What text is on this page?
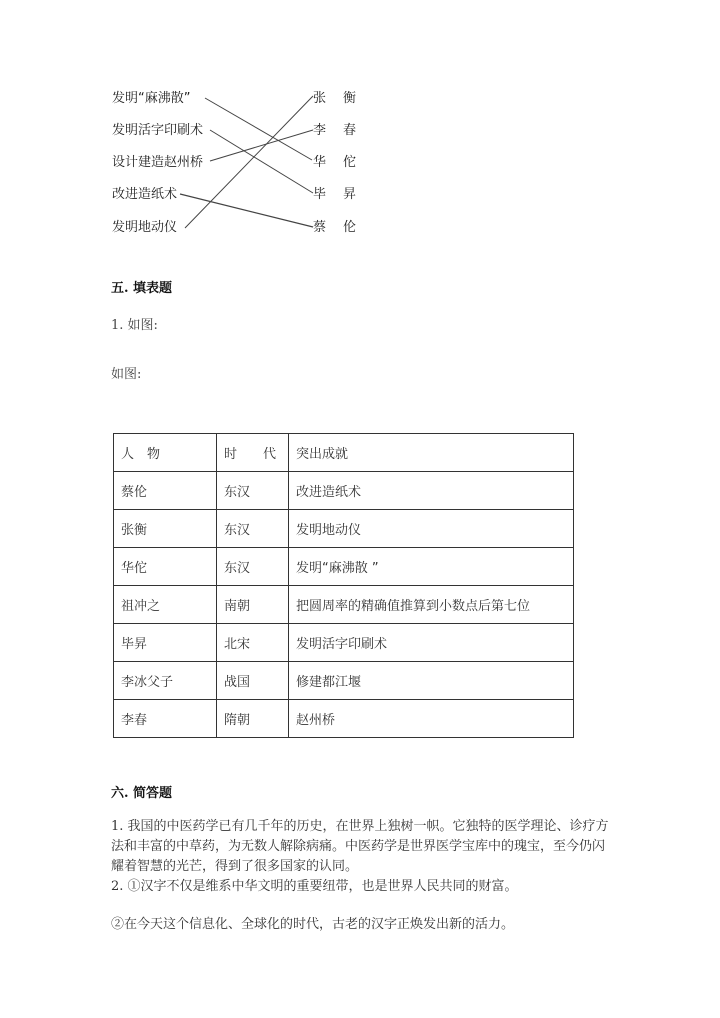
发明“麻沸散”
发明活字印刷术
设计建造赵州桥
改进造纸术
发明地动仪
张 衡
李 春
华 佗
毕 昇
蔡 伦
五. 填表题
1. 如图:
如图:
人　物	时　　代	突出成就
蔡伦	东汉	改进造纸术
张衡	东汉	发明地动仪
华佗	东汉	发明“麻沸散 ”
祖冲之	南朝	把圆周率的精确值推算到小数点后第七位
毕昇	北宋	发明活字印刷术
李冰父子	战国	修建都江堰
李春	隋朝	赵州桥
六. 简答题

1. 我国的中医药学已有几千年的历史，在世界上独树一帜。它独特的医学理论、诊疗方法和丰富的中草药，为无数人解除病痛。中医药学是世界医学宝库中的瑰宝，至今仍闪耀着智慧的光芒，得到了很多国家的认同。

2. ①汉字不仅是维系中华文明的重要纽带，也是世界人民共同的财富。

②在今天这个信息化、全球化的时代，古老的汉字正焕发出新的活力。
